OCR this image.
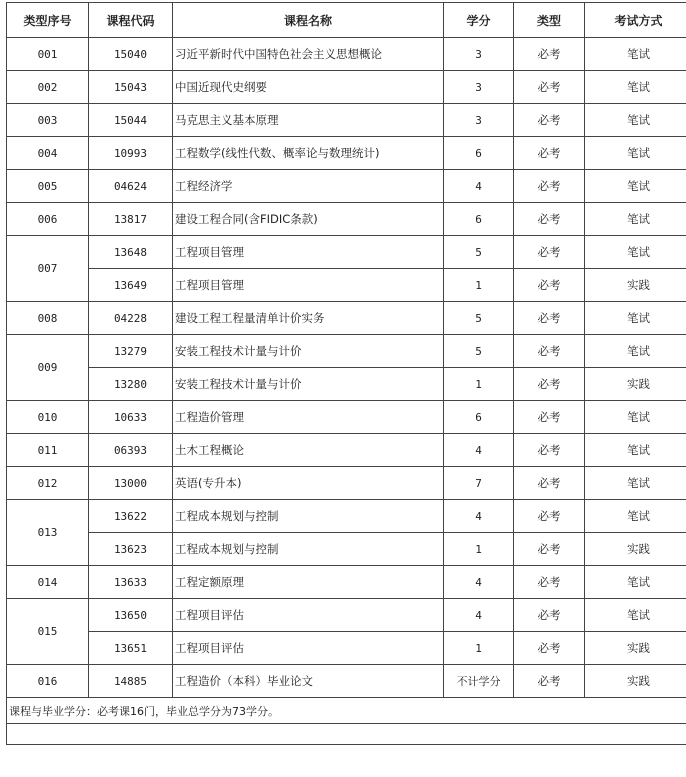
类型序号	课程代码	课程名称	学分	类型	考试方式
001	15040	习近平新时代中国特色社会主义思想概论	3	必考	笔试
002	15043	中国近现代史纲要	3	必考	笔试
003	15044	马克思主义基本原理	3	必考	笔试
004	10993	工程数学(线性代数、概率论与数理统计)	6	必考	笔试
005	04624	工程经济学	4	必考	笔试
006	13817	建设工程合同(含FIDIC条款)	6	必考	笔试
007	13648	工程项目管理	5	必考	笔试
	13649	工程项目管理	1	必考	实践
008	04228	建设工程工程量清单计价实务	5	必考	笔试
009	13279	安装工程技术计量与计价	5	必考	笔试
	13280	安装工程技术计量与计价	1	必考	实践
010	10633	工程造价管理	6	必考	笔试
011	06393	土木工程概论	4	必考	笔试
012	13000	英语(专升本)	7	必考	笔试
013	13622	工程成本规划与控制	4	必考	笔试
	13623	工程成本规划与控制	1	必考	实践
014	13633	工程定额原理	4	必考	笔试
015	13650	工程项目评估	4	必考	笔试
	13651	工程项目评估	1	必考	实践
016	14885	工程造价（本科）毕业论文	不计学分	必考	实践
课程与毕业学分：必考课16门，毕业总学分为73学分。					
